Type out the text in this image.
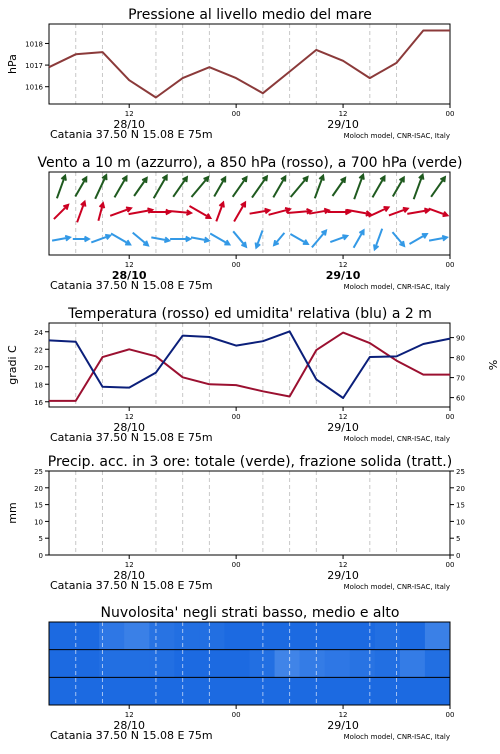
Pressione al livello medio del mare
1016
1017
1018
hPa
12	00	12	00
28/10	29/10
Catania 37.50 N 15.08 E 75m	Moloch model, CNR-ISAC, Italy
Vento a 10 m (azzurro), a 850 hPa (rosso), a 700 hPa (verde)
12	00	12	00
28/10	29/10
Catania 37.50 N 15.08 E 75m	Moloch model, CNR-ISAC, Italy
Temperatura (rosso) ed umidita' relativa (blu) a 2 m
16
18
20
22
24
60
70
80
90
gradi C	%
12	00	12	00
28/10	29/10
Catania 37.50 N 15.08 E 75m	Moloch model, CNR-ISAC, Italy
Precip. acc. in 3 ore: totale (verde), frazione solida (tratt.)
0
5
10
15
20
25
0
5
10
15
20
25
mm
12	00	12	00
28/10	29/10
Catania 37.50 N 15.08 E 75m	Moloch model, CNR-ISAC, Italy
Nuvolosita' negli strati basso, medio e alto
12	00	12	00
28/10	29/10
Catania 37.50 N 15.08 E 75m	Moloch model, CNR-ISAC, Italy
